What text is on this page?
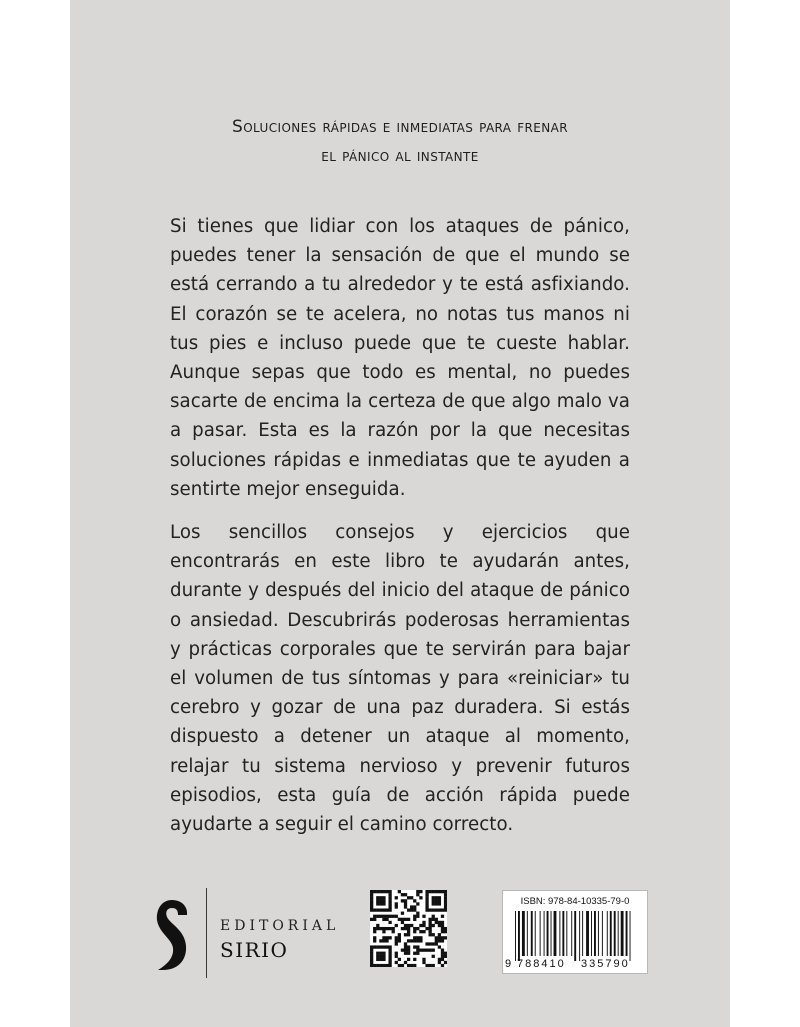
Soluciones rápidas e inmediatas para frenar
el pánico al instante

Si tienes que lidiar con los ataques de pánico, puedes tener la sensación de que el mundo se está cerrando a tu alrededor y te está asfixiando. El corazón se te acelera, no notas tus manos ni tus pies e incluso puede que te cueste hablar. Aunque sepas que todo es mental, no puedes sacarte de encima la certeza de que algo malo va a pasar. Esta es la razón por la que necesitas soluciones rápidas e inmediatas que te ayuden a sentirte mejor enseguida.

Los sencillos consejos y ejercicios que encontrarás en este libro te ayudarán antes, durante y después del inicio del ataque de pánico o ansiedad. Descubrirás poderosas herramientas y prácticas corporales que te servirán para bajar el volumen de tus síntomas y para «reiniciar» tu cerebro y gozar de una paz duradera. Si estás dispuesto a detener un ataque al momento, relajar tu sistema nervioso y prevenir futuros episodios, esta guía de acción rápida puede ayudarte a seguir el camino correcto.

EDITORIAL
SIRIO
ISBN: 978-84-10335-79-0
9 788410 335790
